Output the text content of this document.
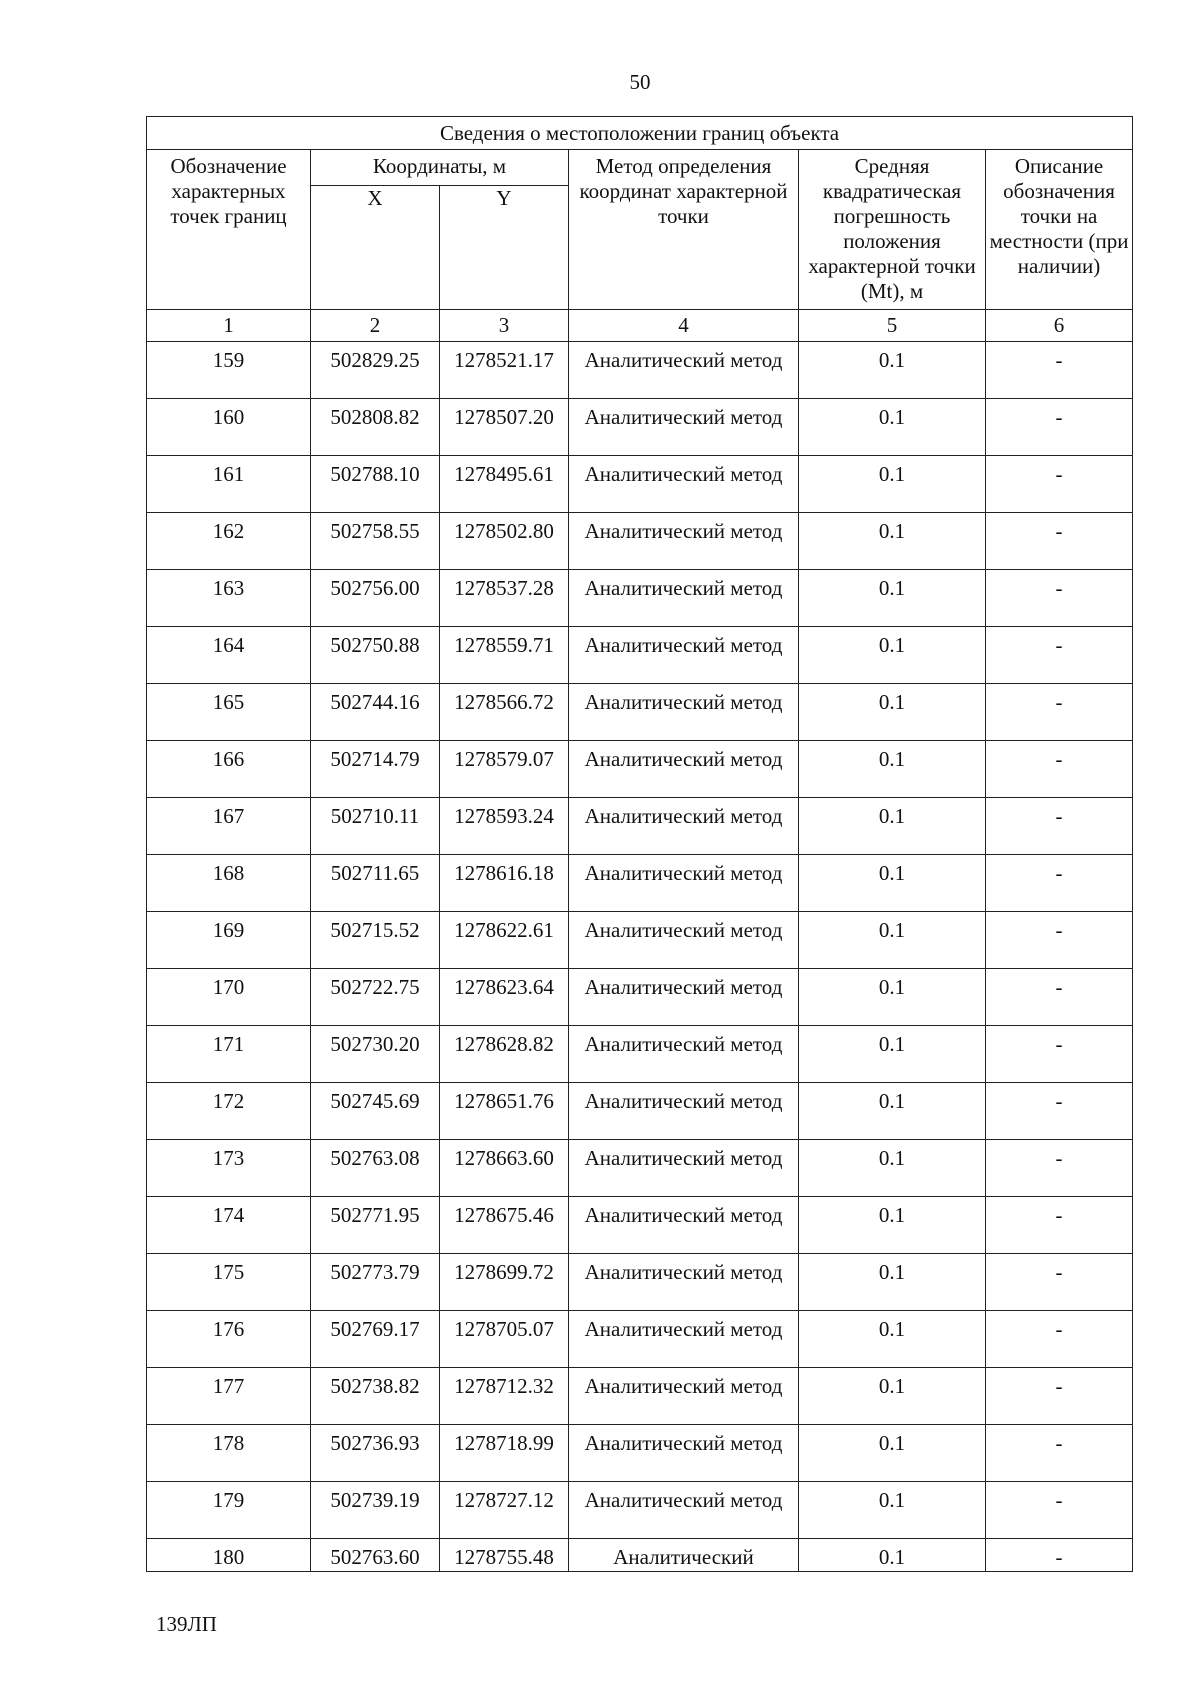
50
Сведения о местоположении границ объекта					
Обозначение характерных точек границ	Координаты, м		Метод определения координат характерной точки	Средняя квадратическая погрешность положения характерной точки (Mt), м	Описание обозначения точки на местности (при наличии)
	X	Y			
1	2	3	4	5	6
159	502829.25	1278521.17	Аналитический метод	0.1	-
160	502808.82	1278507.20	Аналитический метод	0.1	-
161	502788.10	1278495.61	Аналитический метод	0.1	-
162	502758.55	1278502.80	Аналитический метод	0.1	-
163	502756.00	1278537.28	Аналитический метод	0.1	-
164	502750.88	1278559.71	Аналитический метод	0.1	-
165	502744.16	1278566.72	Аналитический метод	0.1	-
166	502714.79	1278579.07	Аналитический метод	0.1	-
167	502710.11	1278593.24	Аналитический метод	0.1	-
168	502711.65	1278616.18	Аналитический метод	0.1	-
169	502715.52	1278622.61	Аналитический метод	0.1	-
170	502722.75	1278623.64	Аналитический метод	0.1	-
171	502730.20	1278628.82	Аналитический метод	0.1	-
172	502745.69	1278651.76	Аналитический метод	0.1	-
173	502763.08	1278663.60	Аналитический метод	0.1	-
174	502771.95	1278675.46	Аналитический метод	0.1	-
175	502773.79	1278699.72	Аналитический метод	0.1	-
176	502769.17	1278705.07	Аналитический метод	0.1	-
177	502738.82	1278712.32	Аналитический метод	0.1	-
178	502736.93	1278718.99	Аналитический метод	0.1	-
179	502739.19	1278727.12	Аналитический метод	0.1	-
180	502763.60	1278755.48	Аналитический	0.1	-
139ЛП
